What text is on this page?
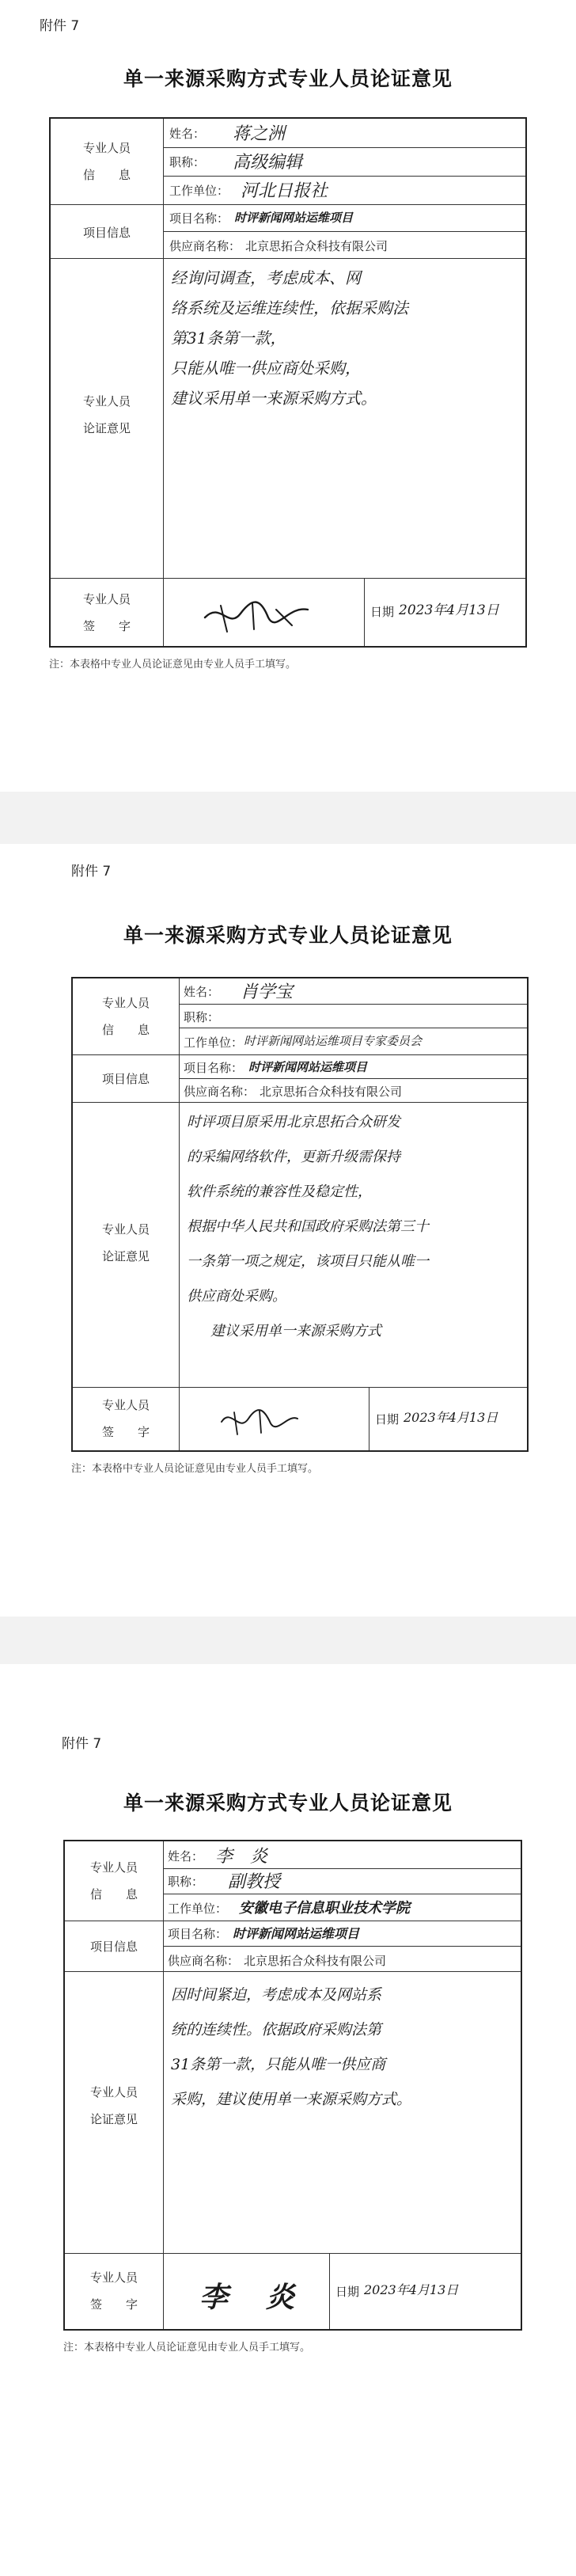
附件 7
单一来源采购方式专业人员论证意见
专业人员
信　　息
项目信息
专业人员
论证意见
专业人员
签　　字
姓名： 蒋之洲
职称： 高级编辑
工作单位： 河北日报社
项目名称： 时评新闻网站运维项目
供应商名称： 北京思拓合众科技有限公司
经询问调查，考虑成本、网
络系统及运维连续性，依据采购法
第31条第一款，
只能从唯一供应商处采购，
建议采用单一来源采购方式。
日期 2023年4月13日
注：本表格中专业人员论证意见由专业人员手工填写。
附件 7
单一来源采购方式专业人员论证意见
专业人员
信　　息
项目信息
专业人员
论证意见
专业人员
签　　字
姓名： 肖学宝
职称：
工作单位： 时评新闻网站运维项目专家委员会
项目名称： 时评新闻网站运维项目
供应商名称： 北京思拓合众科技有限公司
时评项目原采用北京思拓合众研发
的采编网络软件，更新升级需保持
软件系统的兼容性及稳定性，
根据中华人民共和国政府采购法第三十
一条第一项之规定，该项目只能从唯一
供应商处采购。
建议采用单一来源采购方式
日期 2023年4月13日
注：本表格中专业人员论证意见由专业人员手工填写。
附件 7
单一来源采购方式专业人员论证意见
专业人员
信　　息
项目信息
专业人员
论证意见
专业人员
签　　字
姓名： 李　炎
职称： 副教授
工作单位： 安徽电子信息职业技术学院
项目名称： 时评新闻网站运维项目
供应商名称： 北京思拓合众科技有限公司
因时间紧迫，考虑成本及网站系
统的连续性。依据政府采购法第
31条第一款，只能从唯一供应商
采购，建议使用单一来源采购方式。
李　炎	日期 2023年4月13日
注：本表格中专业人员论证意见由专业人员手工填写。
